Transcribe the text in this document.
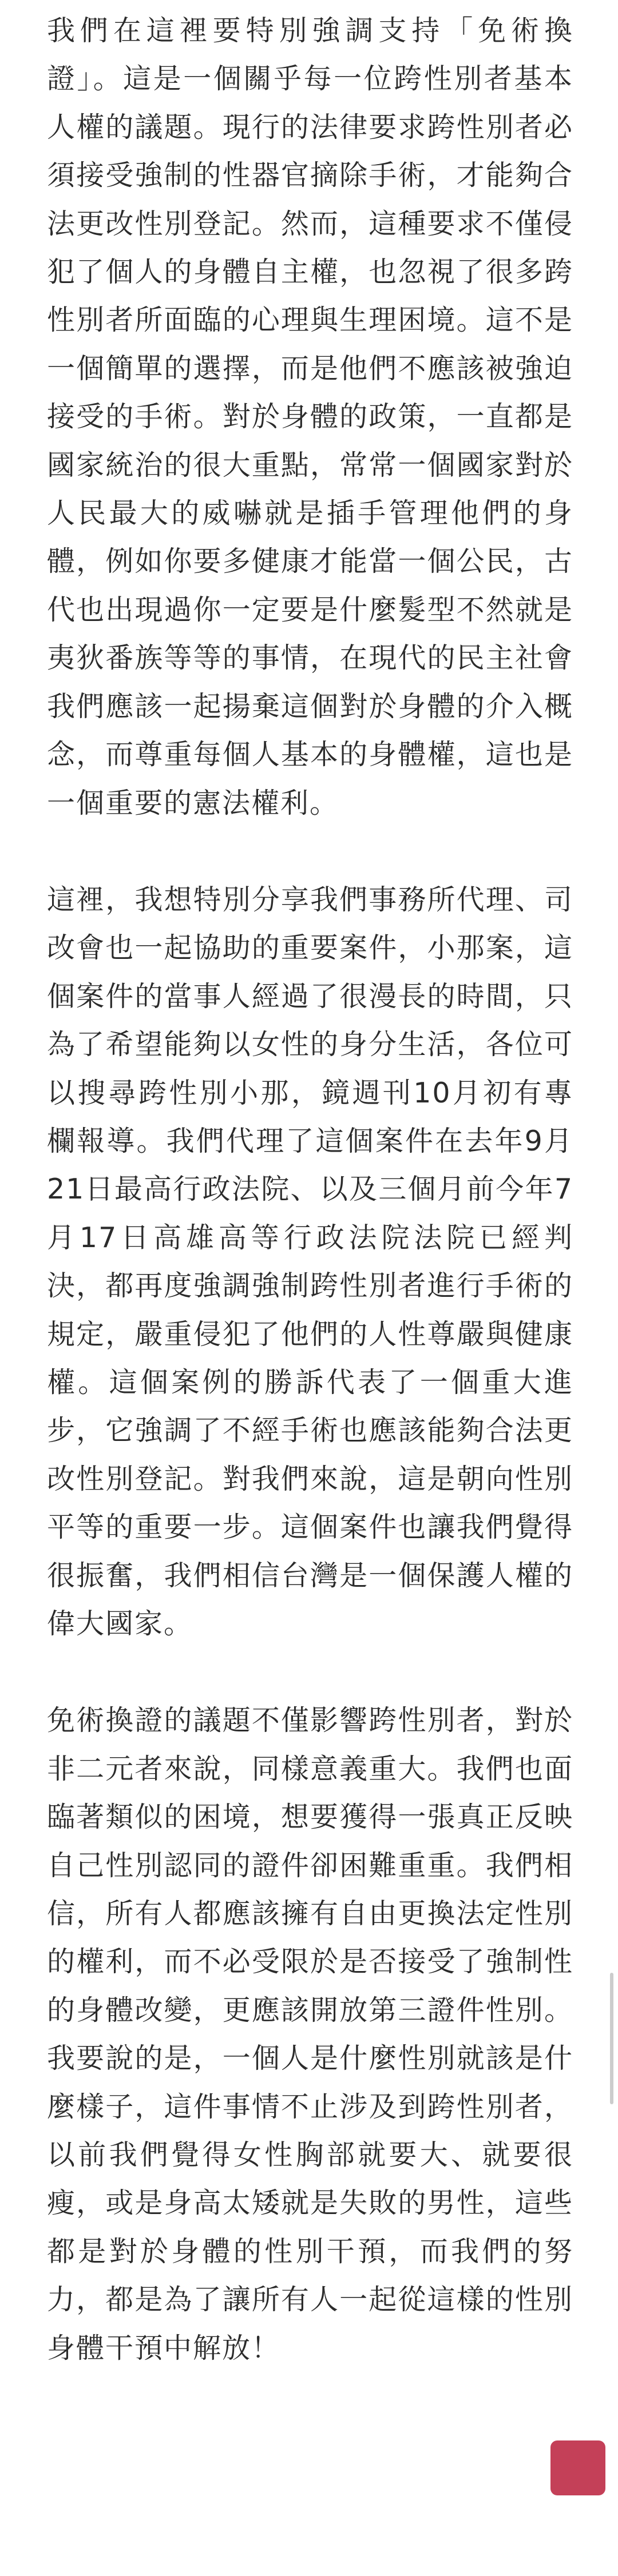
我們在這裡要特別強調支持「免術換證」。這是一個關乎每一位跨性別者基本人權的議題。現行的法律要求跨性別者必須接受強制的性器官摘除手術，才能夠合法更改性別登記。然而，這種要求不僅侵犯了個人的身體自主權，也忽視了很多跨性別者所面臨的心理與生理困境。這不是一個簡單的選擇，而是他們不應該被強迫接受的手術。對於身體的政策，一直都是國家統治的很大重點，常常一個國家對於人民最大的威嚇就是插手管理他們的身體，例如你要多健康才能當一個公民，古代也出現過你一定要是什麼髮型不然就是夷狄番族等等的事情，在現代的民主社會我們應該一起揚棄這個對於身體的介入概念，而尊重每個人基本的身體權，這也是一個重要的憲法權利。

這裡，我想特別分享我們事務所代理、司改會也一起協助的重要案件，小那案，這個案件的當事人經過了很漫長的時間，只為了希望能夠以女性的身分生活，各位可以搜尋跨性別小那，鏡週刊10月初有專欄報導。我們代理了這個案件在去年9月21日最高行政法院、以及三個月前今年7月17日高雄高等行政法院法院已經判決，都再度強調強制跨性別者進行手術的規定，嚴重侵犯了他們的人性尊嚴與健康權。這個案例的勝訴代表了一個重大進步，它強調了不經手術也應該能夠合法更改性別登記。對我們來說，這是朝向性別平等的重要一步。這個案件也讓我們覺得很振奮，我們相信台灣是一個保護人權的偉大國家。

免術換證的議題不僅影響跨性別者，對於非二元者來說，同樣意義重大。我們也面臨著類似的困境，想要獲得一張真正反映自己性別認同的證件卻困難重重。我們相信，所有人都應該擁有自由更換法定性別的權利，而不必受限於是否接受了強制性的身體改變，更應該開放第三證件性別。我要說的是，一個人是什麼性別就該是什麼樣子，這件事情不止涉及到跨性別者，以前我們覺得女性胸部就要大、就要很瘦，或是身高太矮就是失敗的男性，這些都是對於身體的性別干預，而我們的努力，都是為了讓所有人一起從這樣的性別身體干預中解放！
